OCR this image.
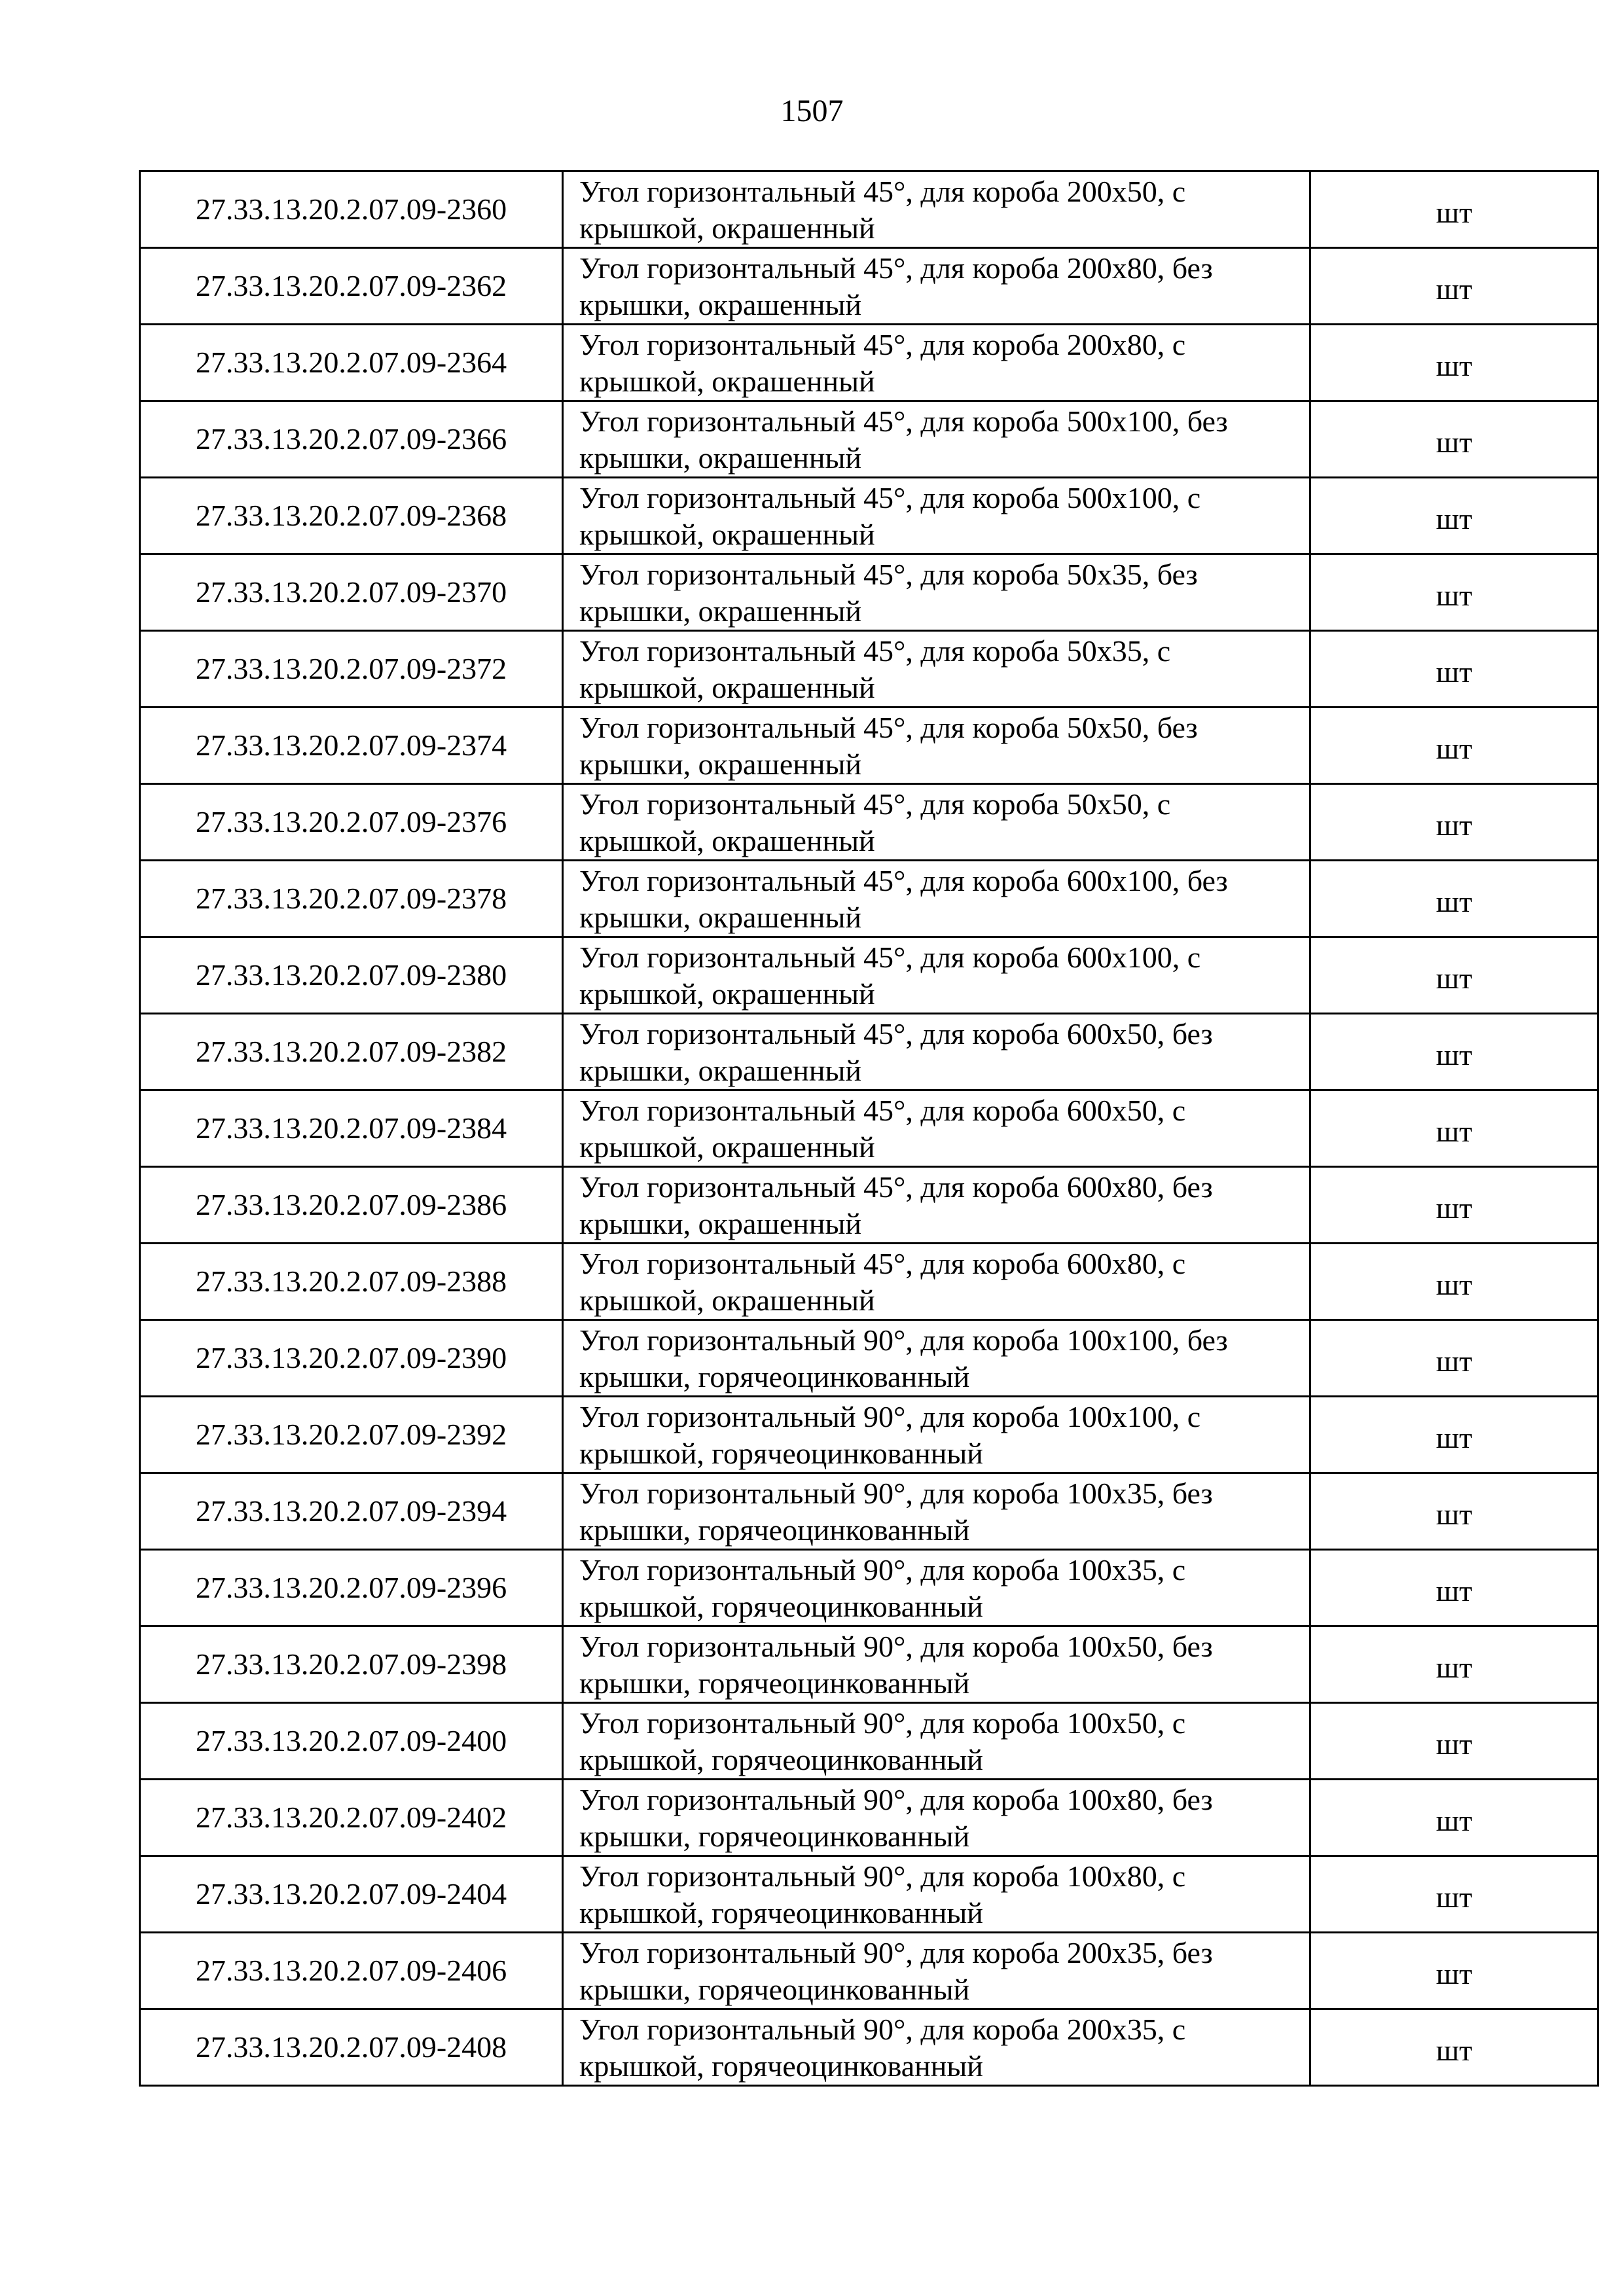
1507
27.33.13.20.2.07.09-2360	Угол горизонтальный 45°, для короба 200x50, с крышкой, окрашенный	шт
27.33.13.20.2.07.09-2362	Угол горизонтальный 45°, для короба 200x80, без крышки, окрашенный	шт
27.33.13.20.2.07.09-2364	Угол горизонтальный 45°, для короба 200x80, с крышкой, окрашенный	шт
27.33.13.20.2.07.09-2366	Угол горизонтальный 45°, для короба 500x100, без крышки, окрашенный	шт
27.33.13.20.2.07.09-2368	Угол горизонтальный 45°, для короба 500x100, с крышкой, окрашенный	шт
27.33.13.20.2.07.09-2370	Угол горизонтальный 45°, для короба 50x35, без крышки, окрашенный	шт
27.33.13.20.2.07.09-2372	Угол горизонтальный 45°, для короба 50x35, с крышкой, окрашенный	шт
27.33.13.20.2.07.09-2374	Угол горизонтальный 45°, для короба 50x50, без крышки, окрашенный	шт
27.33.13.20.2.07.09-2376	Угол горизонтальный 45°, для короба 50x50, с крышкой, окрашенный	шт
27.33.13.20.2.07.09-2378	Угол горизонтальный 45°, для короба 600x100, без крышки, окрашенный	шт
27.33.13.20.2.07.09-2380	Угол горизонтальный 45°, для короба 600x100, с крышкой, окрашенный	шт
27.33.13.20.2.07.09-2382	Угол горизонтальный 45°, для короба 600x50, без крышки, окрашенный	шт
27.33.13.20.2.07.09-2384	Угол горизонтальный 45°, для короба 600x50, с крышкой, окрашенный	шт
27.33.13.20.2.07.09-2386	Угол горизонтальный 45°, для короба 600x80, без крышки, окрашенный	шт
27.33.13.20.2.07.09-2388	Угол горизонтальный 45°, для короба 600x80, с крышкой, окрашенный	шт
27.33.13.20.2.07.09-2390	Угол горизонтальный 90°, для короба 100x100, без крышки, горячеоцинкованный	шт
27.33.13.20.2.07.09-2392	Угол горизонтальный 90°, для короба 100x100, с крышкой, горячеоцинкованный	шт
27.33.13.20.2.07.09-2394	Угол горизонтальный 90°, для короба 100x35, без крышки, горячеоцинкованный	шт
27.33.13.20.2.07.09-2396	Угол горизонтальный 90°, для короба 100x35, с крышкой, горячеоцинкованный	шт
27.33.13.20.2.07.09-2398	Угол горизонтальный 90°, для короба 100x50, без крышки, горячеоцинкованный	шт
27.33.13.20.2.07.09-2400	Угол горизонтальный 90°, для короба 100x50, с крышкой, горячеоцинкованный	шт
27.33.13.20.2.07.09-2402	Угол горизонтальный 90°, для короба 100x80, без крышки, горячеоцинкованный	шт
27.33.13.20.2.07.09-2404	Угол горизонтальный 90°, для короба 100x80, с крышкой, горячеоцинкованный	шт
27.33.13.20.2.07.09-2406	Угол горизонтальный 90°, для короба 200x35, без крышки, горячеоцинкованный	шт
27.33.13.20.2.07.09-2408	Угол горизонтальный 90°, для короба 200x35, с крышкой, горячеоцинкованный	шт
